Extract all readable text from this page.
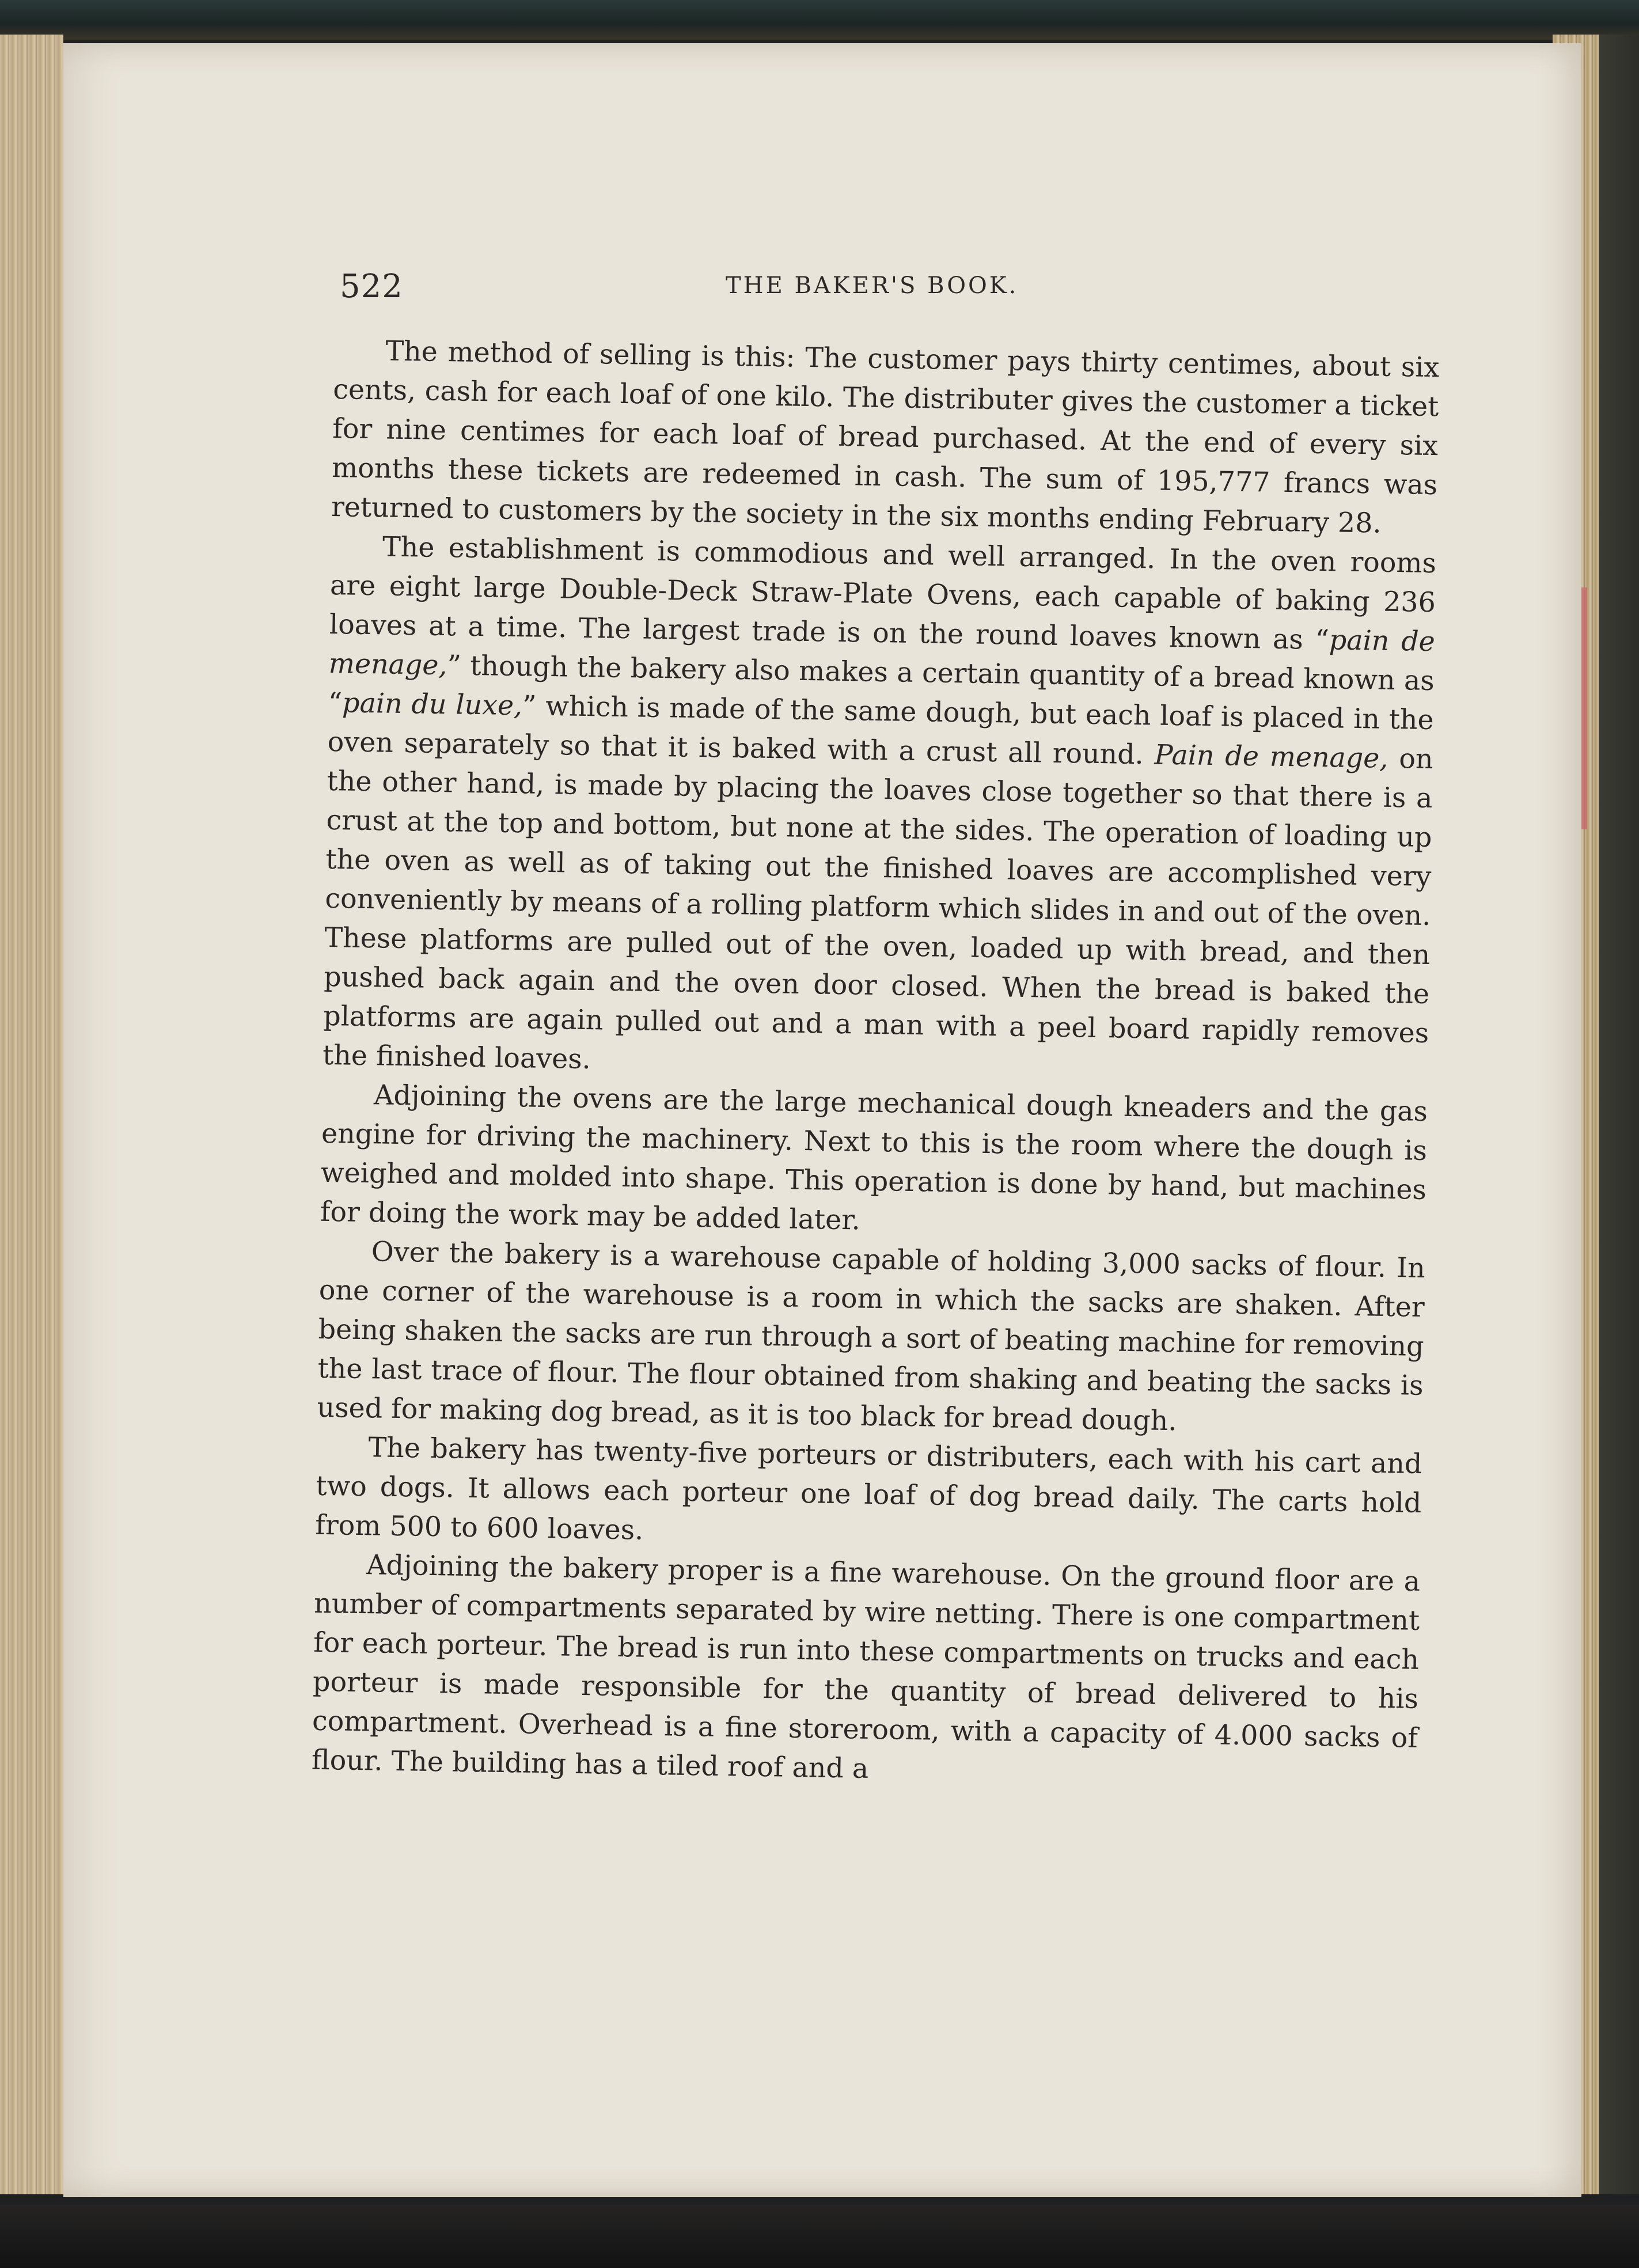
522	THE BAKER'S BOOK.

The method of selling is this: The customer pays thirty centimes, about six cents, cash for each loaf of one kilo. The distributer gives the customer a ticket for nine centimes for each loaf of bread purchased. At the end of every six months these tickets are redeemed in cash. The sum of 195,777 francs was returned to customers by the society in the six months ending February 28.

The establishment is commodious and well arranged. In the oven rooms are eight large Double-Deck Straw-Plate Ovens, each capable of baking 236 loaves at a time. The largest trade is on the round loaves known as “pain de menage,” though the bakery also makes a certain quantity of a bread known as “pain du luxe,” which is made of the same dough, but each loaf is placed in the oven separately so that it is baked with a crust all round. Pain de menage, on the other hand, is made by placing the loaves close together so that there is a crust at the top and bottom, but none at the sides. The operation of loading up the oven as well as of taking out the finished loaves are accomplished very conveniently by means of a rolling platform which slides in and out of the oven. These platforms are pulled out of the oven, loaded up with bread, and then pushed back again and the oven door closed. When the bread is baked the platforms are again pulled out and a man with a peel board rapidly removes the finished loaves.

Adjoining the ovens are the large mechanical dough kneaders and the gas engine for driving the machinery. Next to this is the room where the dough is weighed and molded into shape. This operation is done by hand, but machines for doing the work may be added later.

Over the bakery is a warehouse capable of holding 3,000 sacks of flour. In one corner of the warehouse is a room in which the sacks are shaken. After being shaken the sacks are run through a sort of beating machine for removing the last trace of flour. The flour obtained from shaking and beating the sacks is used for making dog bread, as it is too black for bread dough.

The bakery has twenty-five porteurs or distributers, each with his cart and two dogs. It allows each porteur one loaf of dog bread daily. The carts hold from 500 to 600 loaves.

Adjoining the bakery proper is a fine warehouse. On the ground floor are a number of compartments separated by wire netting. There is one compartment for each porteur. The bread is run into these compartments on trucks and each porteur is made responsible for the quantity of bread delivered to his compartment. Overhead is a fine storeroom, with a capacity of 4.000 sacks of flour. The building has a tiled roof and a
